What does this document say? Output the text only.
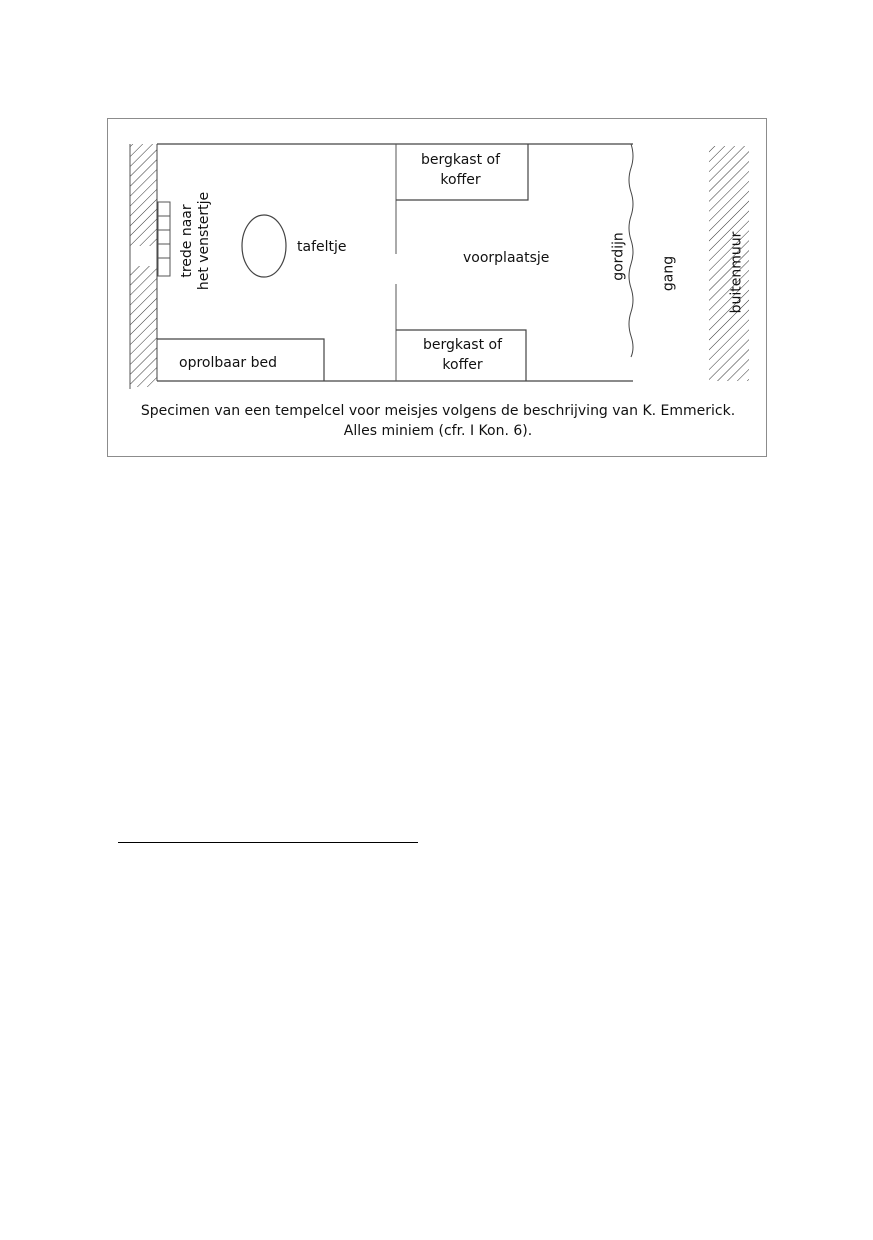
trede naar het venstertje	tafeltje
bergkast of
koffer
voorplaatsje
bergkast of
koffer
oprolbaar bed
gordijn gang	buitenmuur
Specimen van een tempelcel voor meisjes volgens de beschrijving van K. Emmerick.
Alles miniem (cfr. I Kon. 6).
